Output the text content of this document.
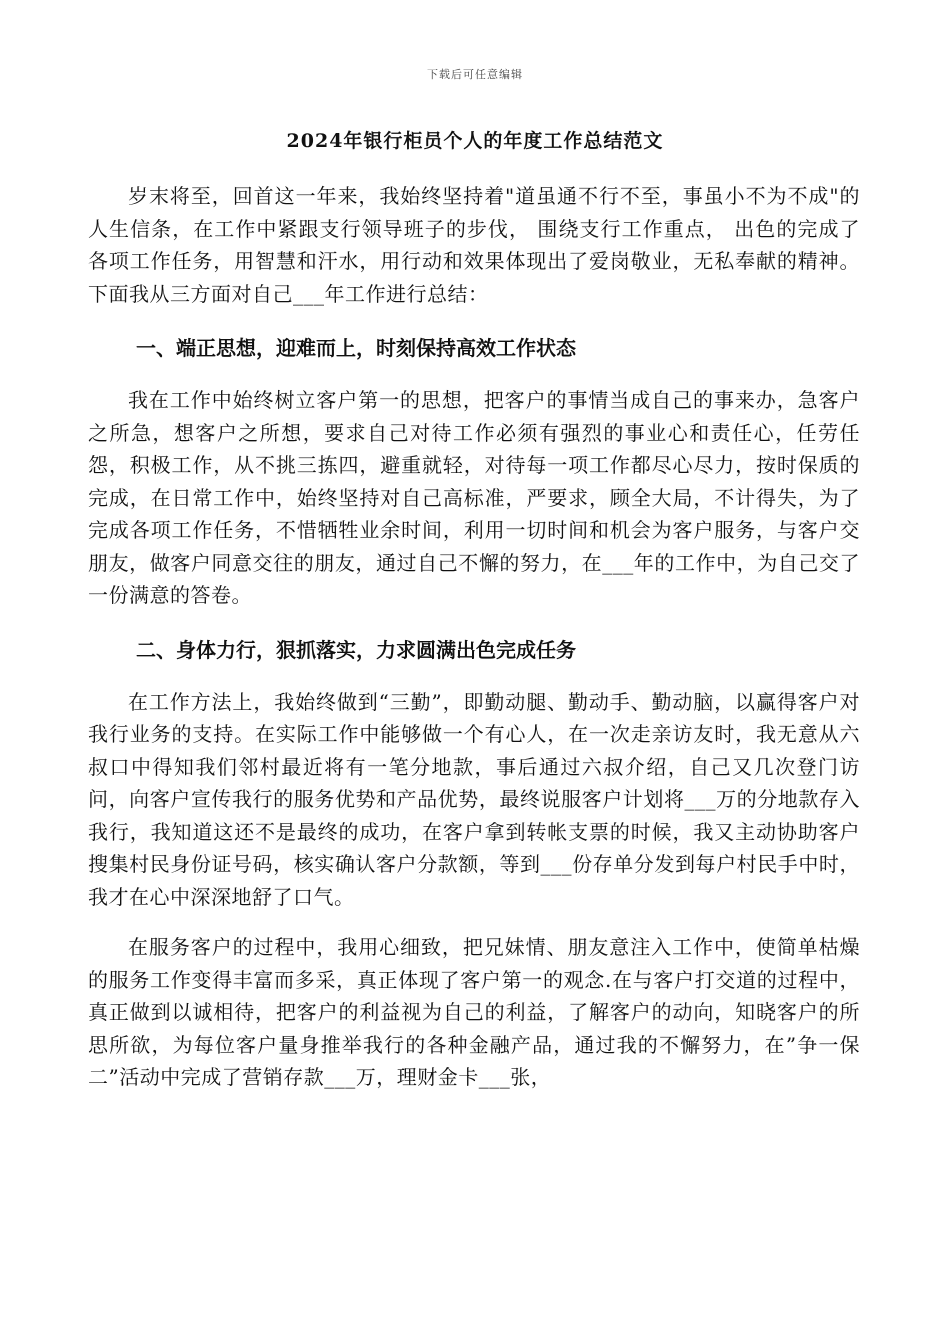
下载后可任意编辑
2024年银行柜员个人的年度工作总结范文

岁末将至，回首这一年来，我始终坚持着"道虽通不行不至，事虽小不为不成"的人生信条，在工作中紧跟支行领导班子的步伐， 围绕支行工作重点， 出色的完成了各项工作任务，用智慧和汗水，用行动和效果体现出了爱岗敬业，无私奉献的精神。下面我从三方面对自己___年工作进行总结：

一、端正思想，迎难而上，时刻保持高效工作状态

我在工作中始终树立客户第一的思想，把客户的事情当成自己的事来办，急客户之所急，想客户之所想，要求自己对待工作必须有强烈的事业心和责任心，任劳任怨，积极工作，从不挑三拣四，避重就轻，对待每一项工作都尽心尽力，按时保质的完成，在日常工作中，始终坚持对自己高标准，严要求，顾全大局，不计得失，为了完成各项工作任务，不惜牺牲业余时间，利用一切时间和机会为客户服务，与客户交朋友，做客户同意交往的朋友，通过自己不懈的努力，在___年的工作中，为自己交了一份满意的答卷。

二、身体力行，狠抓落实，力求圆满出色完成任务

在工作方法上，我始终做到“三勤”，即勤动腿、勤动手、勤动脑，以赢得客户对我行业务的支持。在实际工作中能够做一个有心人，在一次走亲访友时，我无意从六叔口中得知我们邻村最近将有一笔分地款，事后通过六叔介绍，自己又几次登门访问，向客户宣传我行的服务优势和产品优势，最终说服客户计划将___万的分地款存入我行，我知道这还不是最终的成功，在客户拿到转帐支票的时候，我又主动协助客户搜集村民身份证号码，核实确认客户分款额，等到___份存单分发到每户村民手中时，我才在心中深深地舒了口气。

在服务客户的过程中，我用心细致，把兄妹情、朋友意注入工作中，使简单枯燥的服务工作变得丰富而多采，真正体现了客户第一的观念.在与客户打交道的过程中，真正做到以诚相待，把客户的利益视为自己的利益，了解客户的动向，知晓客户的所思所欲，为每位客户量身推举我行的各种金融产品，通过我的不懈努力，在”争一保二”活动中完成了营销存款___万，理财金卡___张，
